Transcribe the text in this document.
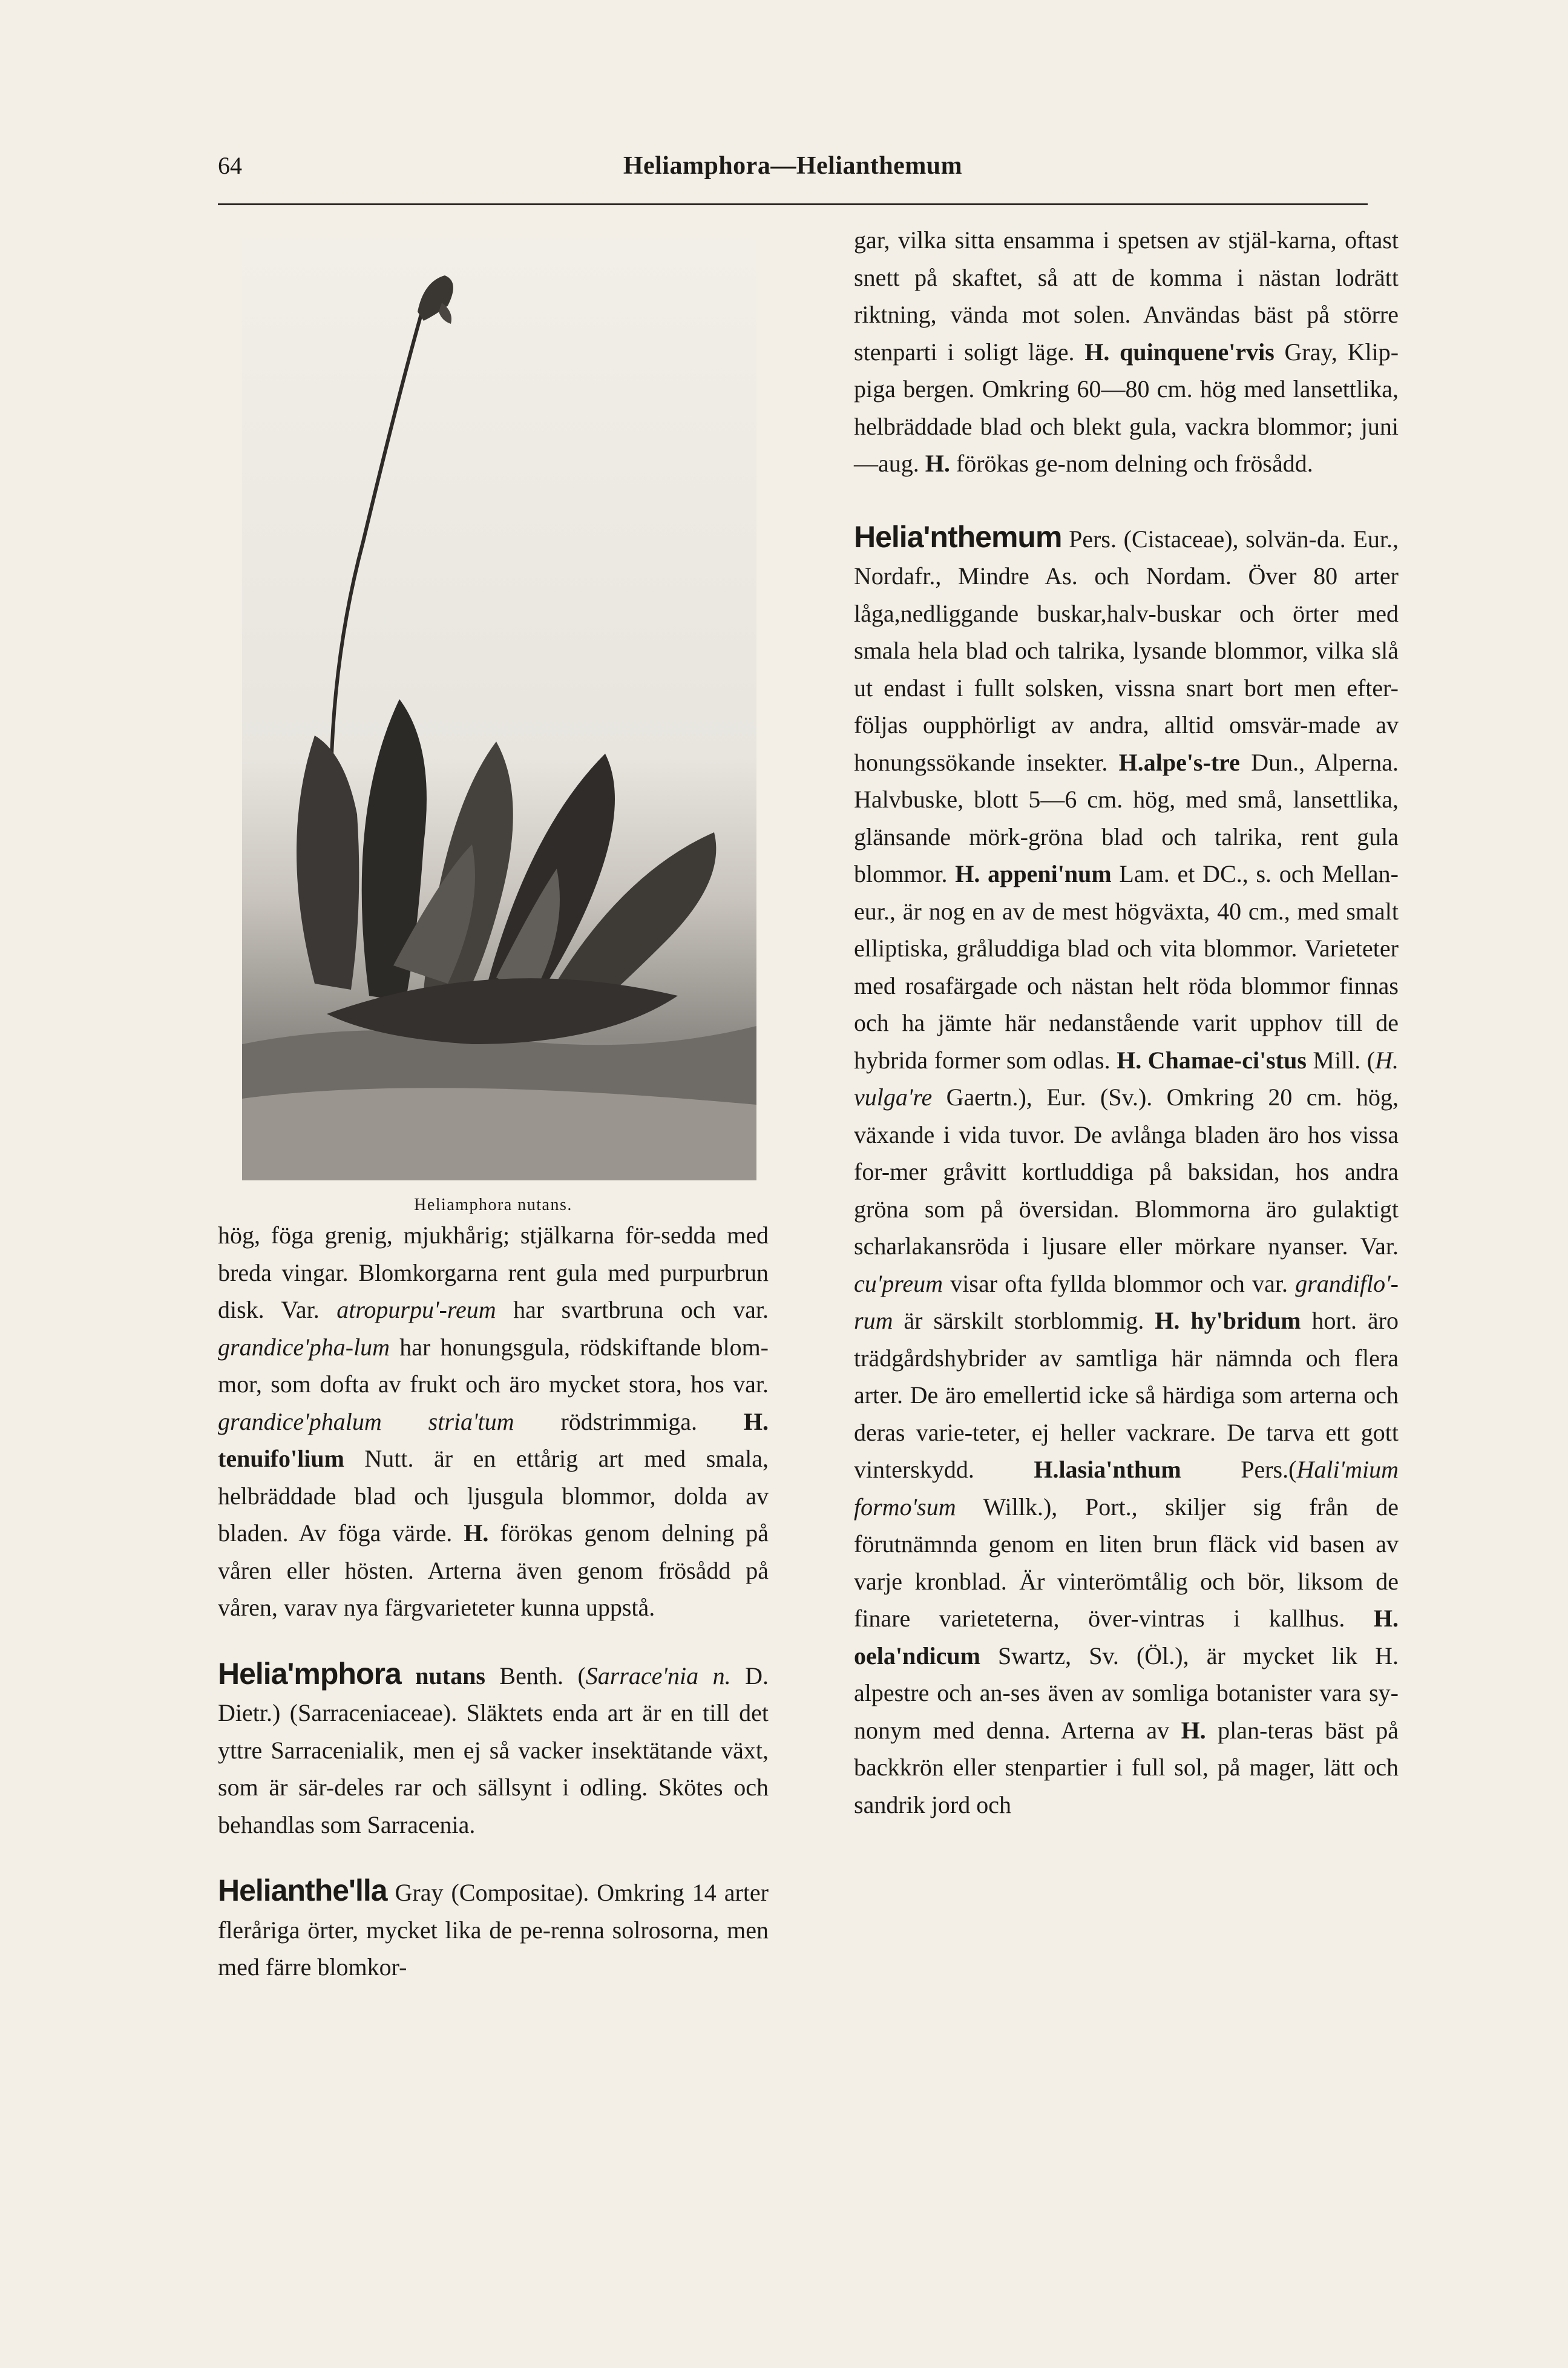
64	Heliamphora—Helianthemum
Heliamphora nutans.

hög, föga grenig, mjukhårig; stjälkarna för-sedda med breda vingar. Blomkorgarna rent gula med purpurbrun disk. Var. atropurpu'-reum har svartbruna och var. grandice'pha-lum har honungsgula, rödskiftande blom-mor, som dofta av frukt och äro mycket stora, hos var. grandice'phalum stria'tum rödstrimmiga. H. tenuifo'lium Nutt. är en ettårig art med smala, helbräddade blad och ljusgula blommor, dolda av bladen. Av föga värde. H. förökas genom delning på våren eller hösten. Arterna även genom frösådd på våren, varav nya färgvarieteter kunna uppstå.

Helia'mphora nutans Benth. (Sarrace'nia n. D. Dietr.) (Sarraceniaceae). Släktets enda art är en till det yttre Sarracenialik, men ej så vacker insektätande växt, som är sär-deles rar och sällsynt i odling. Skötes och behandlas som Sarracenia.

Helianthe'lla Gray (Compositae). Omkring 14 arter fleråriga örter, mycket lika de pe-renna solrosorna, men med färre blomkor-

gar, vilka sitta ensamma i spetsen av stjäl-karna, oftast snett på skaftet, så att de komma i nästan lodrätt riktning, vända mot solen. Användas bäst på större stenparti i soligt läge. H. quinquene'rvis Gray, Klip-piga bergen. Omkring 60—80 cm. hög med lansettlika, helbräddade blad och blekt gula, vackra blommor; juni—aug. H. förökas ge-nom delning och frösådd.

Helia'nthemum Pers. (Cistaceae), solvän-da. Eur., Nordafr., Mindre As. och Nordam. Över 80 arter låga,nedliggande buskar,halv-buskar och örter med smala hela blad och talrika, lysande blommor, vilka slå ut endast i fullt solsken, vissna snart bort men efter-följas oupphörligt av andra, alltid omsvär-made av honungssökande insekter. H.alpe's-tre Dun., Alperna. Halvbuske, blott 5—6 cm. hög, med små, lansettlika, glänsande mörk-gröna blad och talrika, rent gula blommor. H. appeni'num Lam. et DC., s. och Mellan-eur., är nog en av de mest högväxta, 40 cm., med smalt elliptiska, gråluddiga blad och vita blommor. Varieteter med rosafärgade och nästan helt röda blommor finnas och ha jämte här nedanstående varit upphov till de hybrida former som odlas. H. Chamae-ci'stus Mill. (H. vulga're Gaertn.), Eur. (Sv.). Omkring 20 cm. hög, växande i vida tuvor. De avlånga bladen äro hos vissa for-mer gråvitt kortluddiga på baksidan, hos andra gröna som på översidan. Blommorna äro gulaktigt scharlakansröda i ljusare eller mörkare nyanser. Var. cu'preum visar ofta fyllda blommor och var. grandiflo'-rum är särskilt storblommig. H. hy'bridum hort. äro trädgårdshybrider av samtliga här nämnda och flera arter. De äro emellertid icke så härdiga som arterna och deras varie-teter, ej heller vackrare. De tarva ett gott vinterskydd. H.lasia'nthum Pers.(Hali'mium formo'sum Willk.), Port., skiljer sig från de förutnämnda genom en liten brun fläck vid basen av varje kronblad. Är vinterömtålig och bör, liksom de finare varieteterna, över-vintras i kallhus. H. oela'ndicum Swartz, Sv. (Öl.), är mycket lik H. alpestre och an-ses även av somliga botanister vara sy-nonym med denna. Arterna av H. plan-teras bäst på backkrön eller stenpartier i full sol, på mager, lätt och sandrik jord och
